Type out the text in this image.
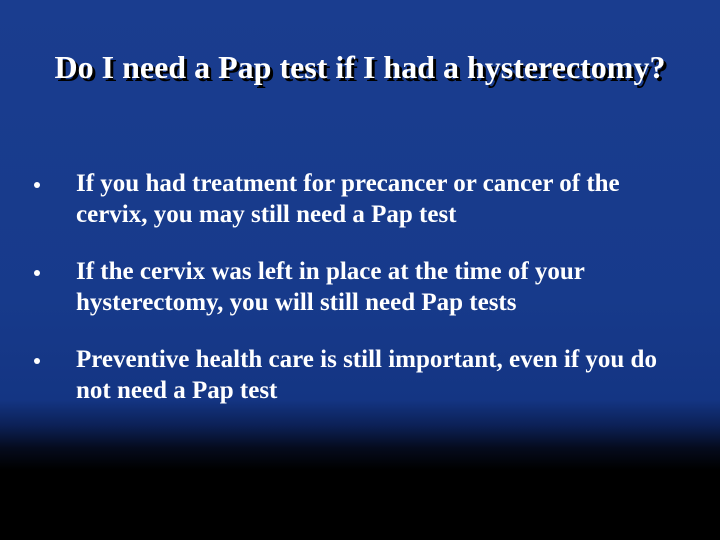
Do I need a Pap test if I had a hysterectomy?
If you had treatment for precancer or cancer of the cervix, you may still need a Pap test
If the cervix was left in place at the time of your hysterectomy, you will still need Pap tests
Preventive health care is still important, even if you do not need a Pap test
